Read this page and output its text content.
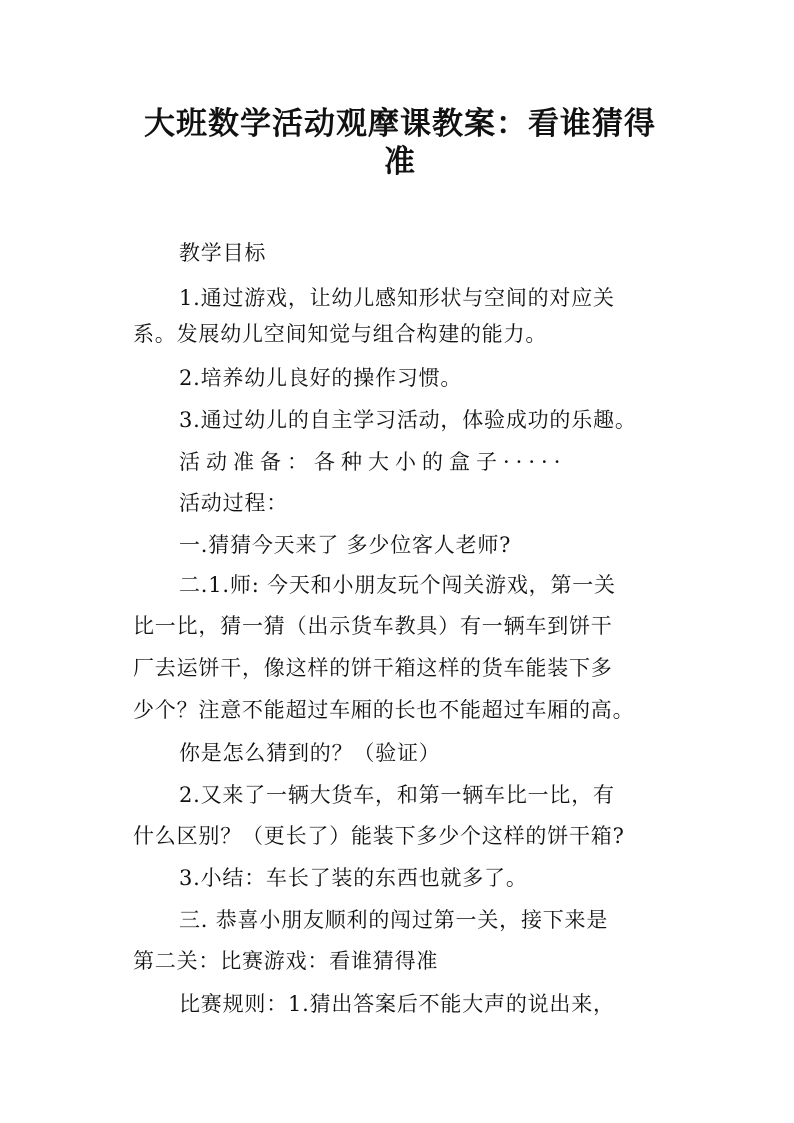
大班数学活动观摩课教案：看谁猜得
准

教学目标

1.通过游戏，让幼儿感知形状与空间的对应关

系。发展幼儿空间知觉与组合构建的能力。

2.培养幼儿良好的操作习惯。

3.通过幼儿的自主学习活动，体验成功的乐趣。

活动准备：各种大小的盒子·····

活动过程：

一.猜猜今天来了 多少位客人老师?

二.1.师: 今天和小朋友玩个闯关游戏，第一关

比一比，猜一猜（出示货车教具）有一辆车到饼干

厂去运饼干，像这样的饼干箱这样的货车能装下多

少个？注意不能超过车厢的长也不能超过车厢的高。

你是怎么猜到的？（验证）

2.又来了一辆大货车，和第一辆车比一比，有

什么区别？（更长了）能装下多少个这样的饼干箱?

3.小结：车长了装的东西也就多了。

三. 恭喜小朋友顺利的闯过第一关，接下来是

第二关：比赛游戏：看谁猜得准

比赛规则：1.猜出答案后不能大声的说出来，
